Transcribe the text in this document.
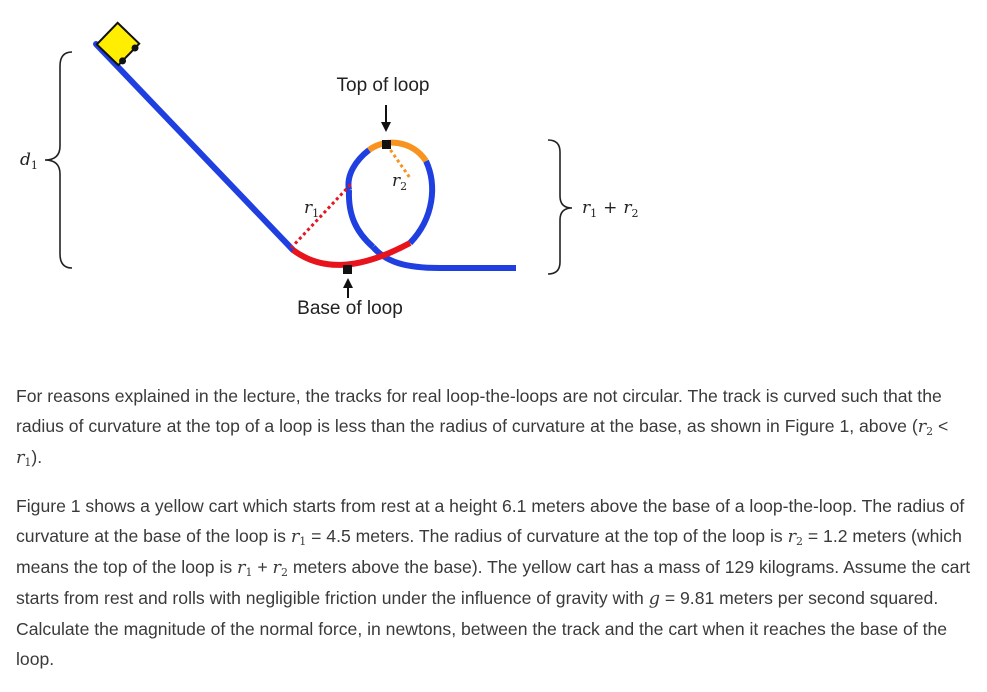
$d_1$
$r_1$
$r_2$
Top of loop
Base of loop
$r_1 + r_2$

For reasons explained in the lecture, the tracks for real loop-the-loops are not circular. The track is curved such that the radius of curvature at the top of a loop is less than the radius of curvature at the base, as shown in Figure 1, above $(r_2 < r_1)$.

Figure 1 shows a yellow cart which starts from rest at a height 6.1 meters above the base of a loop-the-loop. The radius of curvature at the base of the loop is $r_1 = 4.5$ meters. The radius of curvature at the top of the loop is $r_2 = 1.2$ meters (which means the top of the loop is $r_1 + r_2$ meters above the base). The yellow cart has a mass of 129 kilograms. Assume the cart starts from rest and rolls with negligible friction under the influence of gravity with g = 9.81 meters per second squared. Calculate the magnitude of the normal force, in newtons, between the track and the cart when it reaches the base of the loop.
